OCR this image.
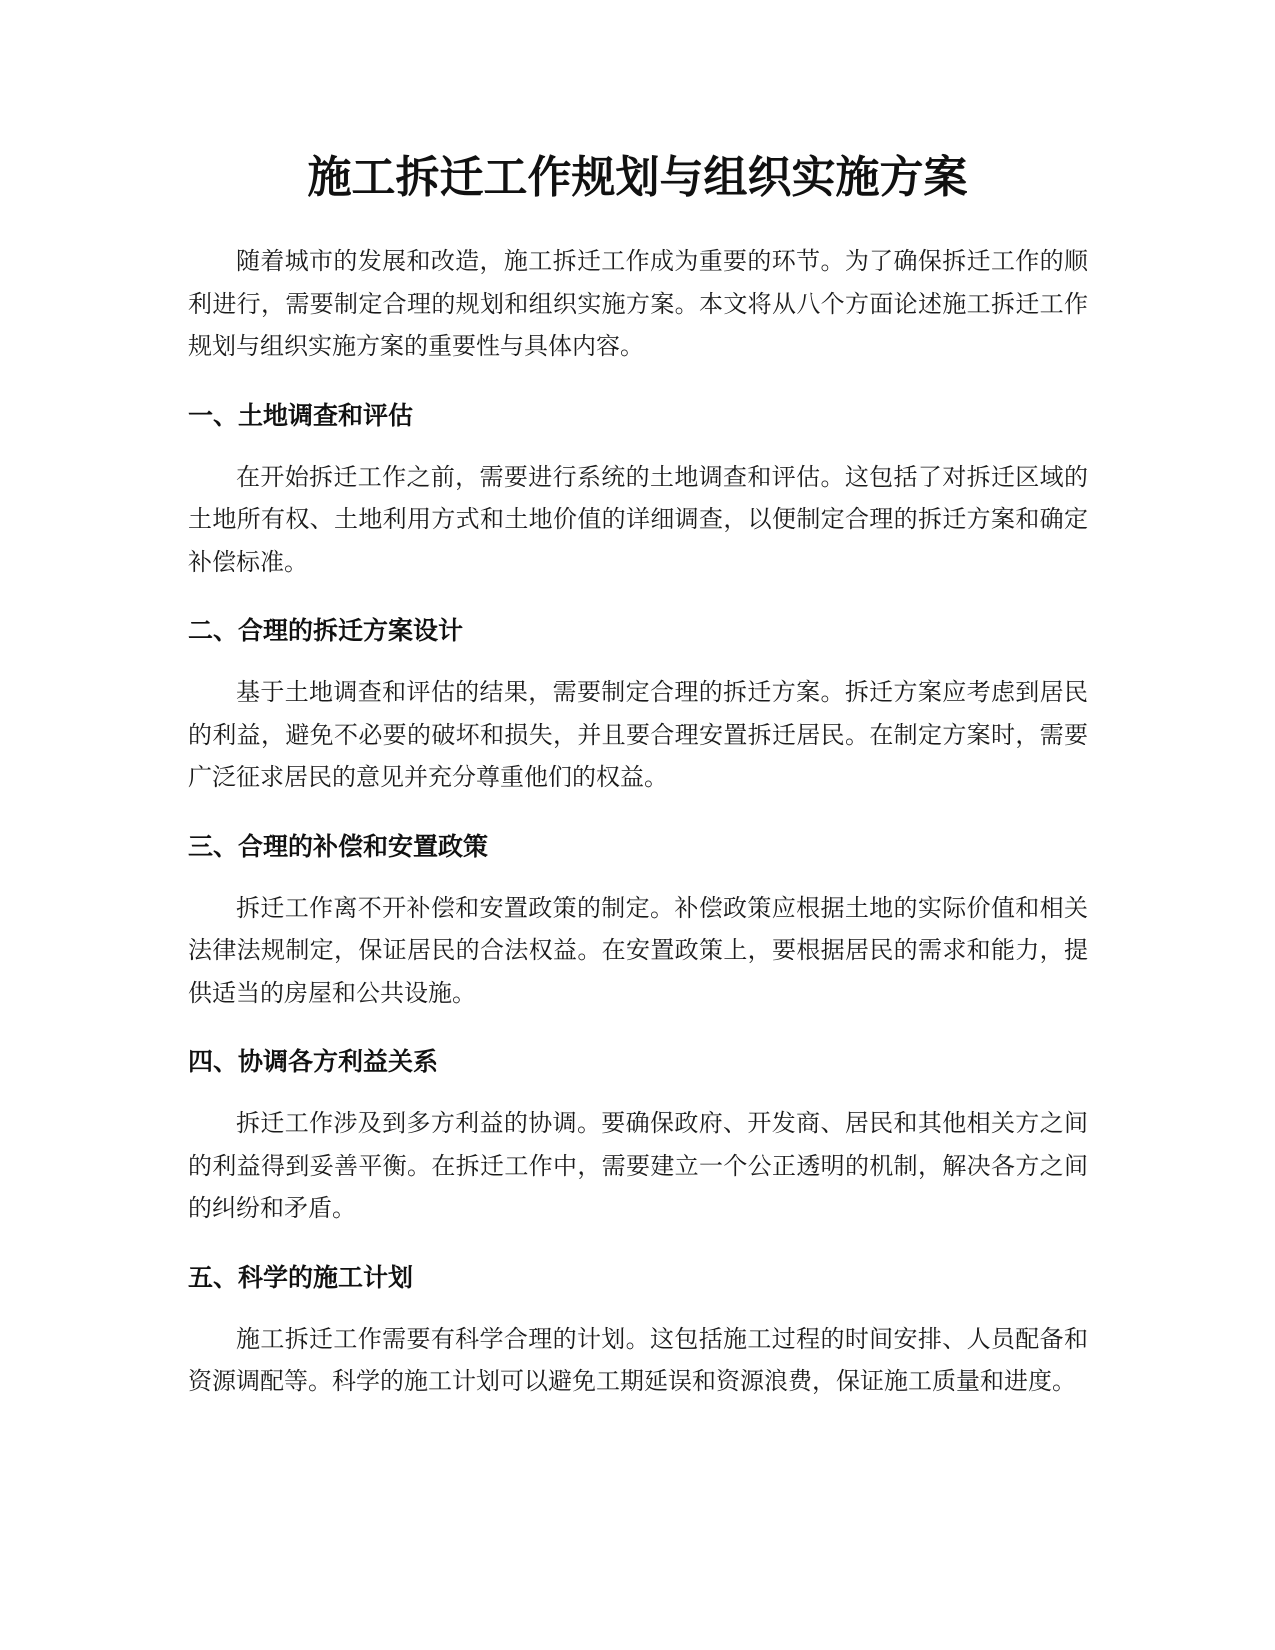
施工拆迁工作规划与组织实施方案

随着城市的发展和改造，施工拆迁工作成为重要的环节。为了确保拆迁工作的顺利进行，需要制定合理的规划和组织实施方案。本文将从八个方面论述施工拆迁工作规划与组织实施方案的重要性与具体内容。

一、土地调查和评估

在开始拆迁工作之前，需要进行系统的土地调查和评估。这包括了对拆迁区域的土地所有权、土地利用方式和土地价值的详细调查，以便制定合理的拆迁方案和确定补偿标准。

二、合理的拆迁方案设计

基于土地调查和评估的结果，需要制定合理的拆迁方案。拆迁方案应考虑到居民的利益，避免不必要的破坏和损失，并且要合理安置拆迁居民。在制定方案时，需要广泛征求居民的意见并充分尊重他们的权益。

三、合理的补偿和安置政策

拆迁工作离不开补偿和安置政策的制定。补偿政策应根据土地的实际价值和相关法律法规制定，保证居民的合法权益。在安置政策上，要根据居民的需求和能力，提供适当的房屋和公共设施。

四、协调各方利益关系

拆迁工作涉及到多方利益的协调。要确保政府、开发商、居民和其他相关方之间的利益得到妥善平衡。在拆迁工作中，需要建立一个公正透明的机制，解决各方之间的纠纷和矛盾。

五、科学的施工计划

施工拆迁工作需要有科学合理的计划。这包括施工过程的时间安排、人员配备和资源调配等。科学的施工计划可以避免工期延误和资源浪费，保证施工质量和进度。
